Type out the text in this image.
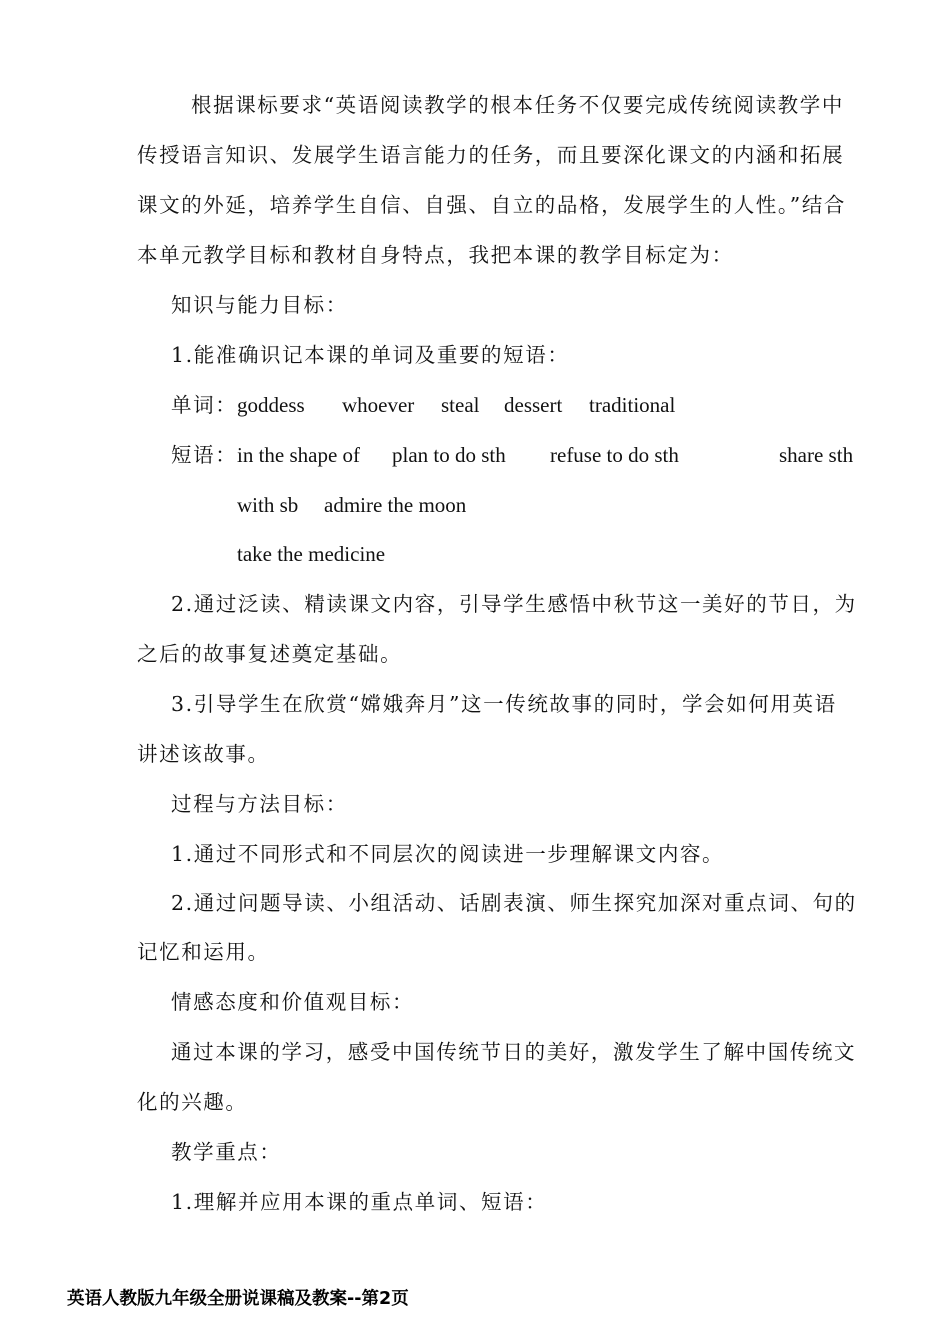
根据课标要求“英语阅读教学的根本任务不仅要完成传统阅读教学中
传授语言知识、发展学生语言能力的任务，而且要深化课文的内涵和拓展
课文的外延，培养学生自信、自强、自立的品格，发展学生的人性。”结合
本单元教学目标和教材自身特点，我把本课的教学目标定为：
知识与能力目标：
1.能准确识记本课的单词及重要的短语：
单词： goddess whoever steal dessert traditional
短语： in the shape of plan to do sth refuse to do sth	share sth
with sb admire the moon
take the medicine
2.通过泛读、精读课文内容，引导学生感悟中秋节这一美好的节日，为
之后的故事复述奠定基础。
3.引导学生在欣赏“嫦娥奔月”这一传统故事的同时，学会如何用英语
讲述该故事。
过程与方法目标：
1.通过不同形式和不同层次的阅读进一步理解课文内容。
2.通过问题导读、小组活动、话剧表演、师生探究加深对重点词、句的
记忆和运用。
情感态度和价值观目标：
通过本课的学习，感受中国传统节日的美好，激发学生了解中国传统文
化的兴趣。
教学重点：
1.理解并应用本课的重点单词、短语：
英语人教版九年级全册说课稿及教案--第2页
